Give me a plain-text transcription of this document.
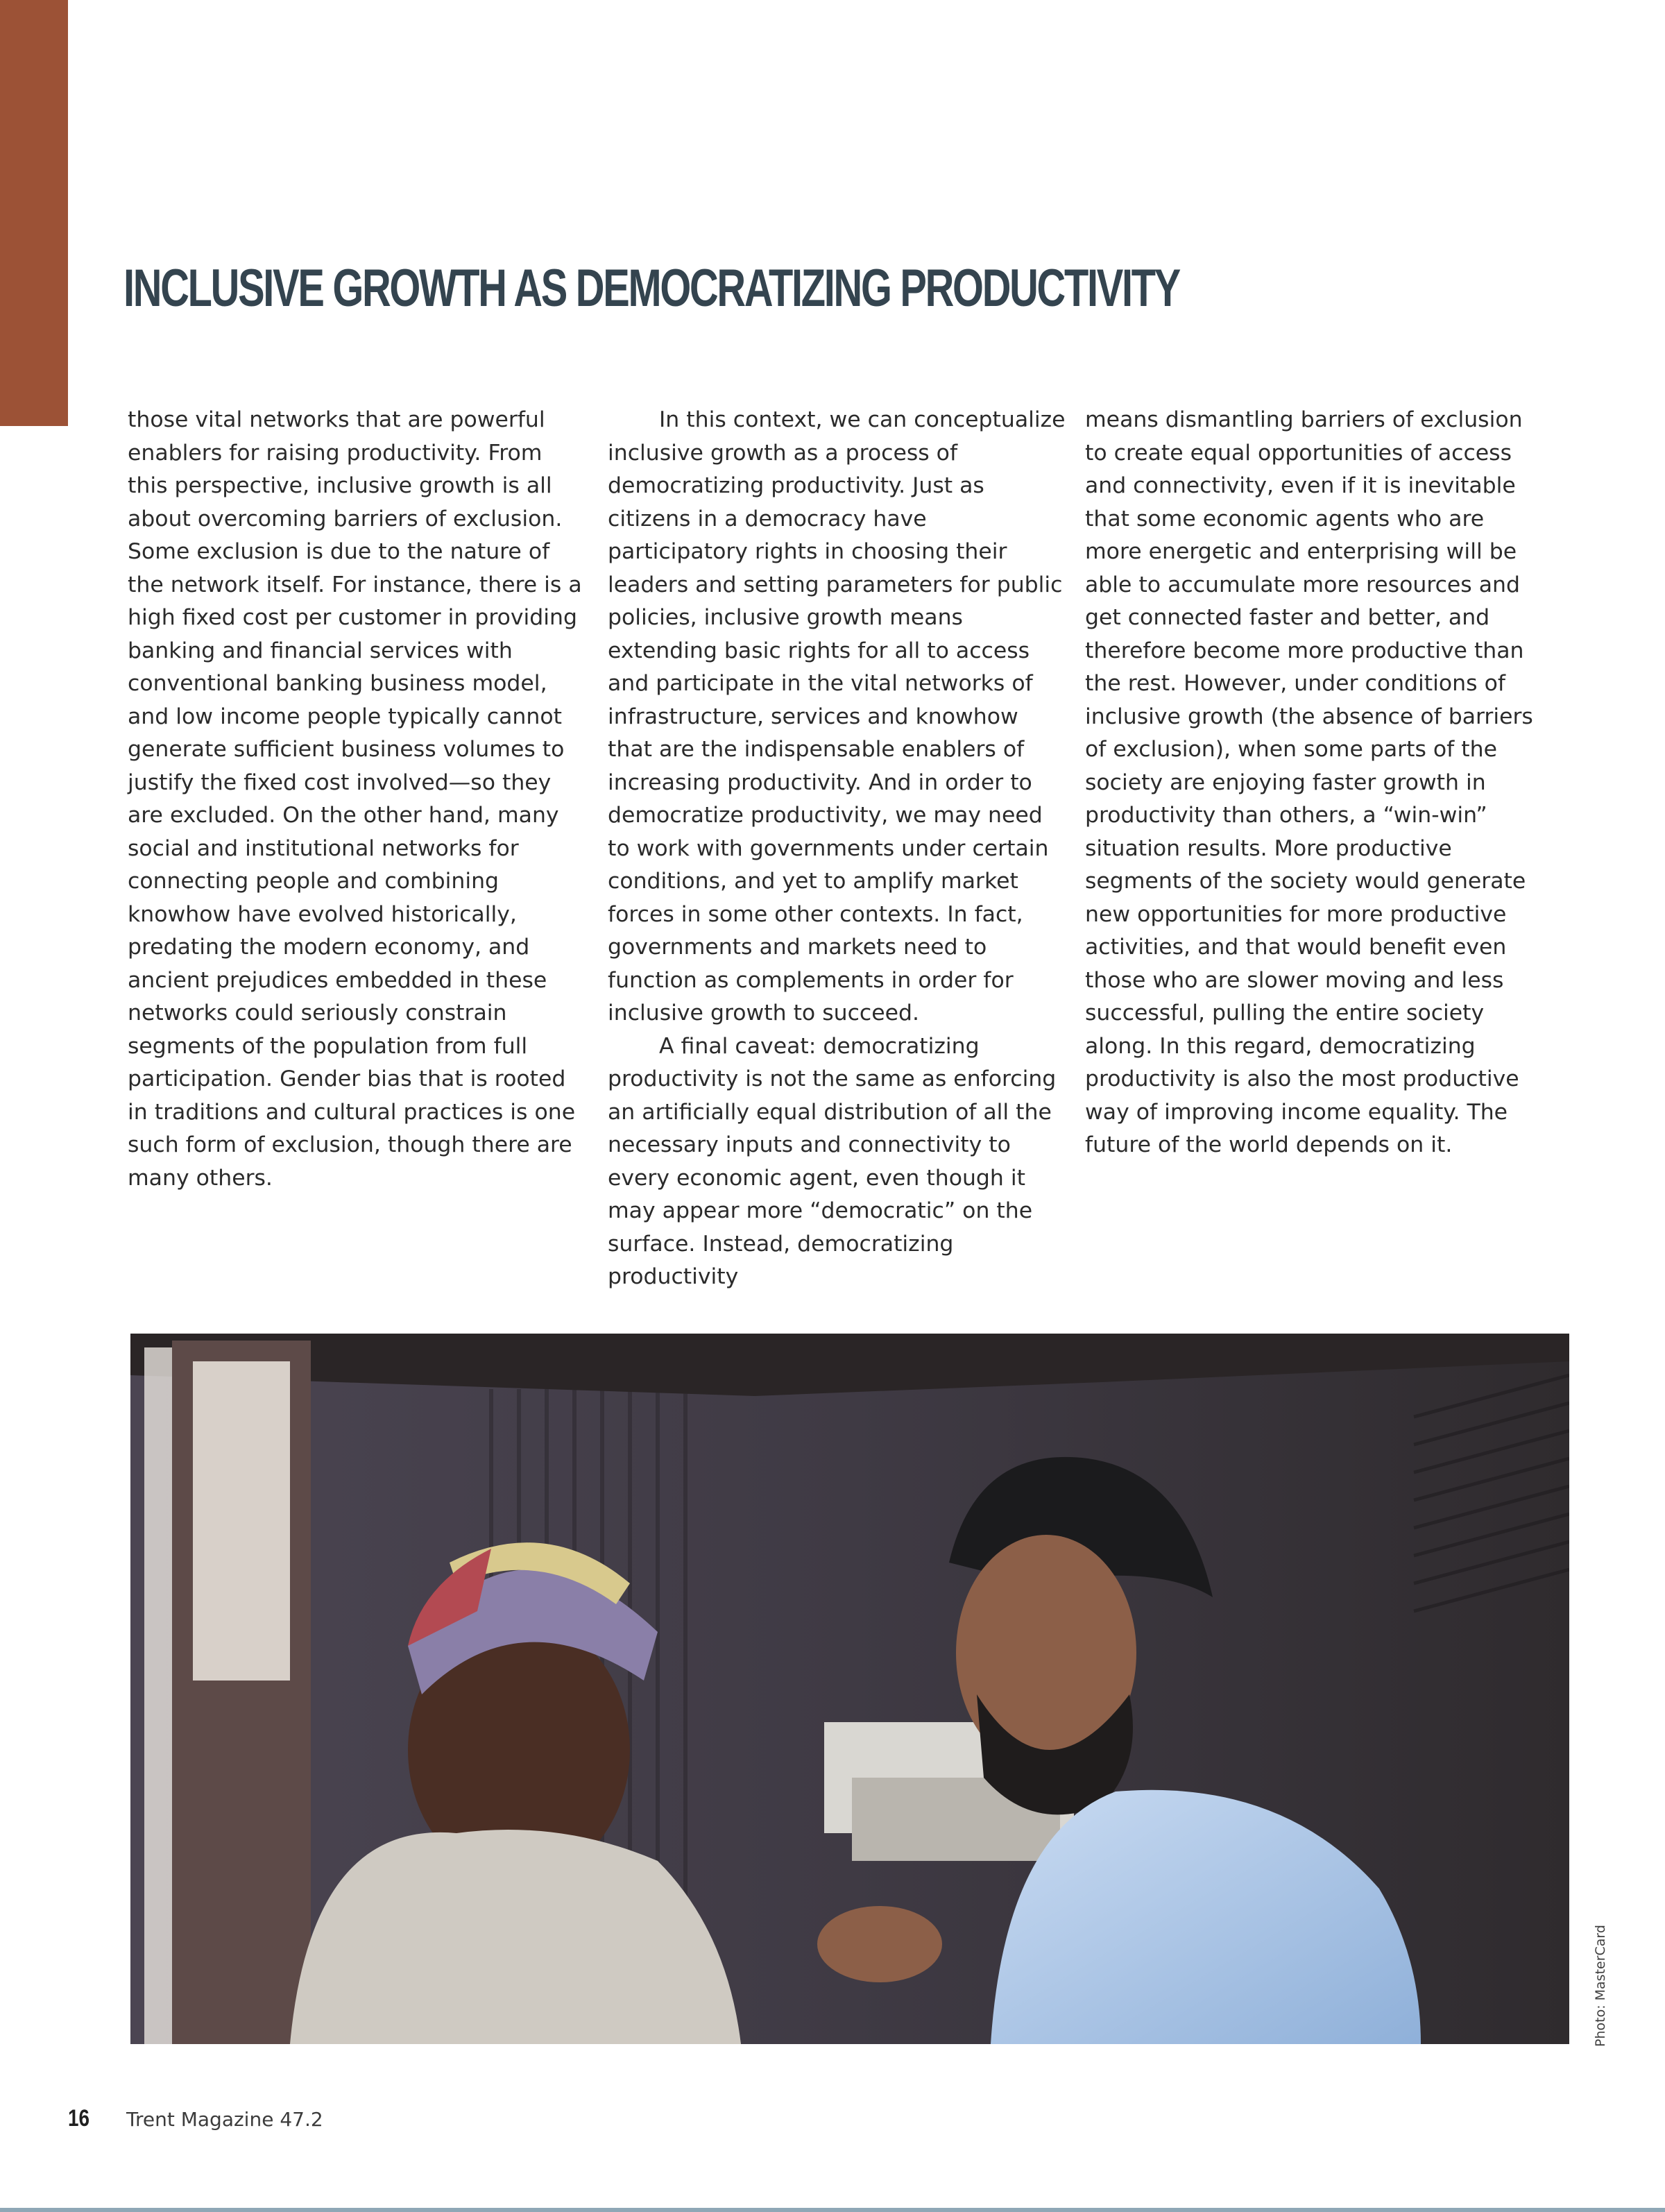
INCLUSIVE GROWTH AS DEMOCRATIZING PRODUCTIVITY

those vital networks that are powerful enablers for raising productivity. From this perspective, inclusive growth is all about overcoming barriers of exclusion. Some exclusion is due to the nature of the network itself. For instance, there is a high fixed cost per customer in providing banking and financial services with conventional banking business model, and low income people typically cannot generate sufficient business volumes to justify the fixed cost involved—so they are excluded. On the other hand, many social and institutional networks for connecting people and combining knowhow have evolved historically, predating the modern economy, and ancient prejudices embedded in these networks could seriously constrain segments of the population from full participation. Gender bias that is rooted in traditions and cultural practices is one such form of exclusion, though there are many others.

In this context, we can conceptualize inclusive growth as a process of democratizing productivity. Just as citizens in a democracy have participatory rights in choosing their leaders and setting parameters for public policies, inclusive growth means extending basic rights for all to access and participate in the vital networks of infrastructure, services and knowhow that are the indispensable enablers of increasing productivity. And in order to democratize productivity, we may need to work with governments under certain conditions, and yet to amplify market forces in some other contexts. In fact, governments and markets need to function as complements in order for inclusive growth to succeed.

A final caveat: democratizing productivity is not the same as enforcing an artificially equal distribution of all the necessary inputs and connectivity to every economic agent, even though it may appear more “democratic” on the surface. Instead, democratizing productivity

means dismantling barriers of exclusion to create equal opportunities of access and connectivity, even if it is inevitable that some economic agents who are more energetic and enterprising will be able to accumulate more resources and get connected faster and better, and therefore become more productive than the rest. However, under conditions of inclusive growth (the absence of barriers of exclusion), when some parts of the society are enjoying faster growth in productivity than others, a “win-win” situation results. More productive segments of the society would generate new opportunities for more productive activities, and that would benefit even those who are slower moving and less successful, pulling the entire society along. In this regard, democratizing productivity is also the most productive way of improving income equality. The future of the world depends on it.

Photo: MasterCard
16 Trent Magazine 47.2
